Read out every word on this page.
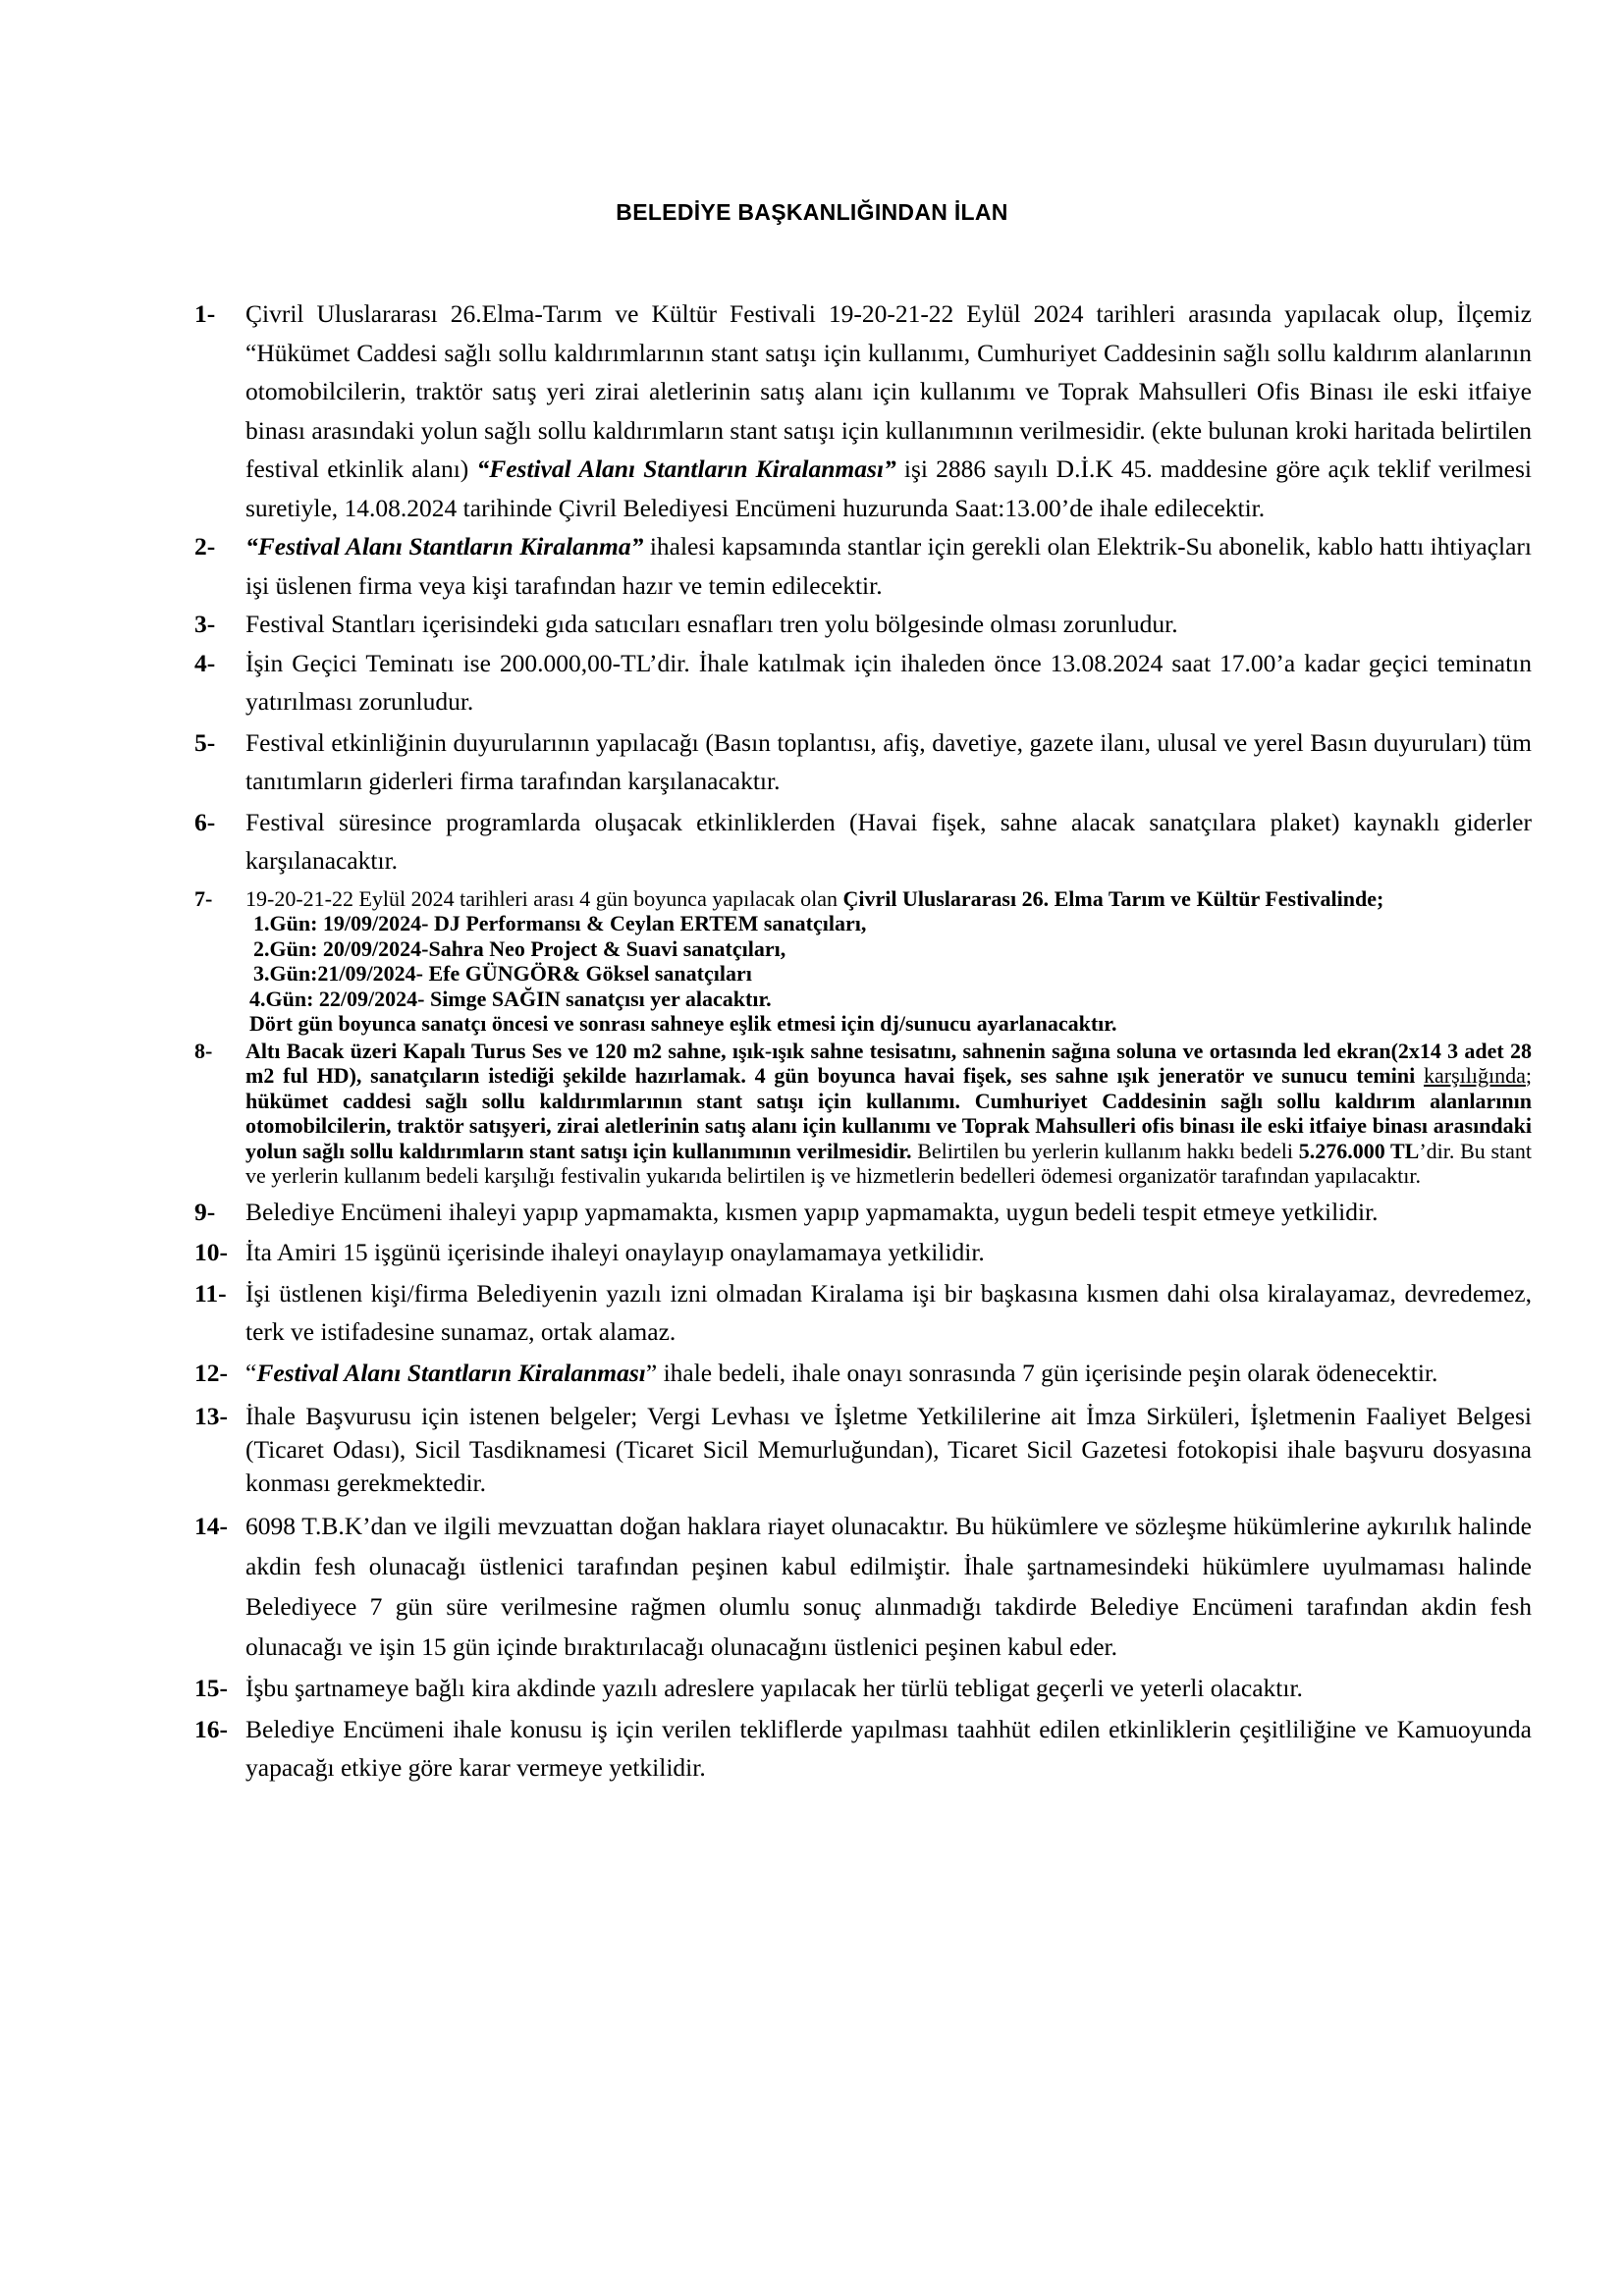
BELEDİYE BAŞKANLIĞINDAN İLAN
1- Çivril Uluslararası 26.Elma-Tarım ve Kültür Festivali 19-20-21-22 Eylül 2024 tarihleri arasında yapılacak olup, İlçemiz “Hükümet Caddesi sağlı sollu kaldırımlarının stant satışı için kullanımı, Cumhuriyet Caddesinin sağlı sollu kaldırım alanlarının otomobilcilerin, traktör satış yeri zirai aletlerinin satış alanı için kullanımı ve Toprak Mahsulleri Ofis Binası ile eski itfaiye binası arasındaki yolun sağlı sollu kaldırımların stant satışı için kullanımının verilmesidir. (ekte bulunan kroki haritada belirtilen festival etkinlik alanı) “Festival Alanı Stantların Kiralanması” işi 2886 sayılı D.İ.K 45. maddesine göre açık teklif verilmesi suretiyle, 14.08.2024 tarihinde Çivril Belediyesi Encümeni huzurunda Saat:13.00’de ihale edilecektir.
2- “Festival Alanı Stantların Kiralanma” ihalesi kapsamında stantlar için gerekli olan Elektrik-Su abonelik, kablo hattı ihtiyaçları işi üslenen firma veya kişi tarafından hazır ve temin edilecektir.
3- Festival Stantları içerisindeki gıda satıcıları esnafları tren yolu bölgesinde olması zorunludur.
4- İşin Geçici Teminatı ise 200.000,00-TL’dir. İhale katılmak için ihaleden önce 13.08.2024 saat 17.00’a kadar geçici teminatın yatırılması zorunludur.
5- Festival etkinliğinin duyurularının yapılacağı (Basın toplantısı, afiş, davetiye, gazete ilanı, ulusal ve yerel Basın duyuruları) tüm tanıtımların giderleri firma tarafından karşılanacaktır.
6- Festival süresince programlarda oluşacak etkinliklerden (Havai fişek, sahne alacak sanatçılara plaket) kaynaklı giderler karşılanacaktır.
7- 19-20-21-22 Eylül 2024 tarihleri arası 4 gün boyunca yapılacak olan Çivril Uluslararası 26. Elma Tarım ve Kültür Festivalinde;
1.Gün: 19/09/2024- DJ Performansı & Ceylan ERTEM sanatçıları,
2.Gün: 20/09/2024-Sahra Neo Project & Suavi sanatçıları,
3.Gün:21/09/2024- Efe GÜNGÖR& Göksel sanatçıları
4.Gün: 22/09/2024- Simge SAĞIN sanatçısı yer alacaktır.
Dört gün boyunca sanatçı öncesi ve sonrası sahneye eşlik etmesi için dj/sunucu ayarlanacaktır.
8- Altı Bacak üzeri Kapalı Turus Ses ve 120 m2 sahne, ışık-ışık sahne tesisatını, sahnenin sağına soluna ve ortasında led ekran(2x14 3 adet 28 m2 ful HD), sanatçıların istediği şekilde hazırlamak. 4 gün boyunca havai fişek, ses sahne ışık jeneratör ve sunucu temini karşılığında; hükümet caddesi sağlı sollu kaldırımlarının stant satışı için kullanımı. Cumhuriyet Caddesinin sağlı sollu kaldırım alanlarının otomobilcilerin, traktör satışyeri, zirai aletlerinin satış alanı için kullanımı ve Toprak Mahsulleri ofis binası ile eski itfaiye binası arasındaki yolun sağlı sollu kaldırımların stant satışı için kullanımının verilmesidir. Belirtilen bu yerlerin kullanım hakkı bedeli 5.276.000 TL’dir. Bu stant ve yerlerin kullanım bedeli karşılığı festivalin yukarıda belirtilen iş ve hizmetlerin bedelleri ödemesi organizatör tarafından yapılacaktır.
9- Belediye Encümeni ihaleyi yapıp yapmamakta, kısmen yapıp yapmamakta, uygun bedeli tespit etmeye yetkilidir.
10- İta Amiri 15 işgünü içerisinde ihaleyi onaylayıp onaylamamaya yetkilidir.
11- İşi üstlenen kişi/firma Belediyenin yazılı izni olmadan Kiralama işi bir başkasına kısmen dahi olsa kiralayamaz, devredemez, terk ve istifadesine sunamaz, ortak alamaz.
12- “Festival Alanı Stantların Kiralanması” ihale bedeli, ihale onayı sonrasında 7 gün içerisinde peşin olarak ödenecektir.
13- İhale Başvurusu için istenen belgeler; Vergi Levhası ve İşletme Yetkililerine ait İmza Sirküleri, İşletmenin Faaliyet Belgesi (Ticaret Odası), Sicil Tasdiknamesi (Ticaret Sicil Memurluğundan), Ticaret Sicil Gazetesi fotokopisi ihale başvuru dosyasına konması gerekmektedir.
14- 6098 T.B.K’dan ve ilgili mevzuattan doğan haklara riayet olunacaktır. Bu hükümlere ve sözleşme hükümlerine aykırılık halinde akdin fesh olunacağı üstlenici tarafından peşinen kabul edilmiştir. İhale şartnamesindeki hükümlere uyulmaması halinde Belediyece 7 gün süre verilmesine rağmen olumlu sonuç alınmadığı takdirde Belediye Encümeni tarafından akdin fesh olunacağı ve işin 15 gün içinde bıraktırılacağı olunacağını üstlenici peşinen kabul eder.
15- İşbu şartnameye bağlı kira akdinde yazılı adreslere yapılacak her türlü tebligat geçerli ve yeterli olacaktır.
16- Belediye Encümeni ihale konusu iş için verilen tekliflerde yapılması taahhüt edilen etkinliklerin çeşitliliğine ve Kamuoyunda yapacağı etkiye göre karar vermeye yetkilidir.
